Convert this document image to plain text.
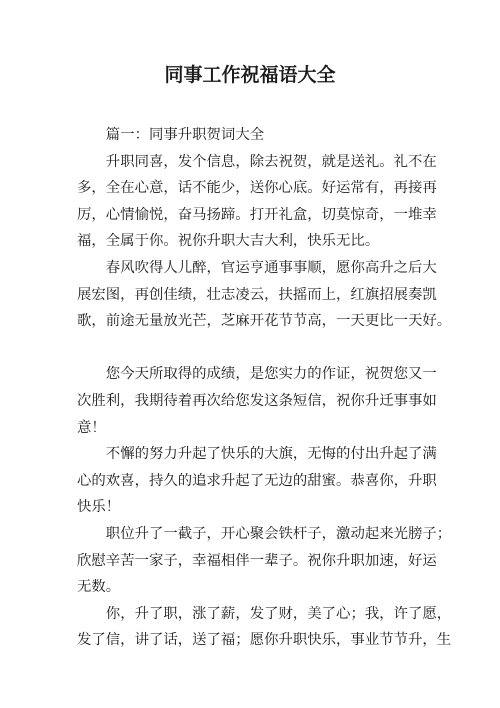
同事工作祝福语大全
篇一：同事升职贺词大全
升职同喜，发个信息，除去祝贺，就是送礼。礼不在
多，全在心意，话不能少，送你心底。好运常有，再接再
厉，心情愉悦，奋马扬蹄。打开礼盒，切莫惊奇，一堆幸
福，全属于你。祝你升职大吉大利，快乐无比。
春风吹得人儿醉，官运亨通事事顺，愿你高升之后大
展宏图，再创佳绩，壮志凌云，扶摇而上，红旗招展奏凯
歌，前途无量放光芒，芝麻开花节节高，一天更比一天好。
您今天所取得的成绩，是您实力的作证，祝贺您又一
次胜利，我期待着再次给您发这条短信，祝你升迁事事如
意！
不懈的努力升起了快乐的大旗，无悔的付出升起了满
心的欢喜，持久的追求升起了无边的甜蜜。恭喜你，升职
快乐！
职位升了一截子，开心聚会铁杆子，激动起来光膀子；
欣慰辛苦一家子，幸福相伴一辈子。祝你升职加速，好运
无数。
你，升了职，涨了薪，发了财，美了心；我，许了愿，
发了信，讲了话，送了福；愿你升职快乐，事业节节升，生
